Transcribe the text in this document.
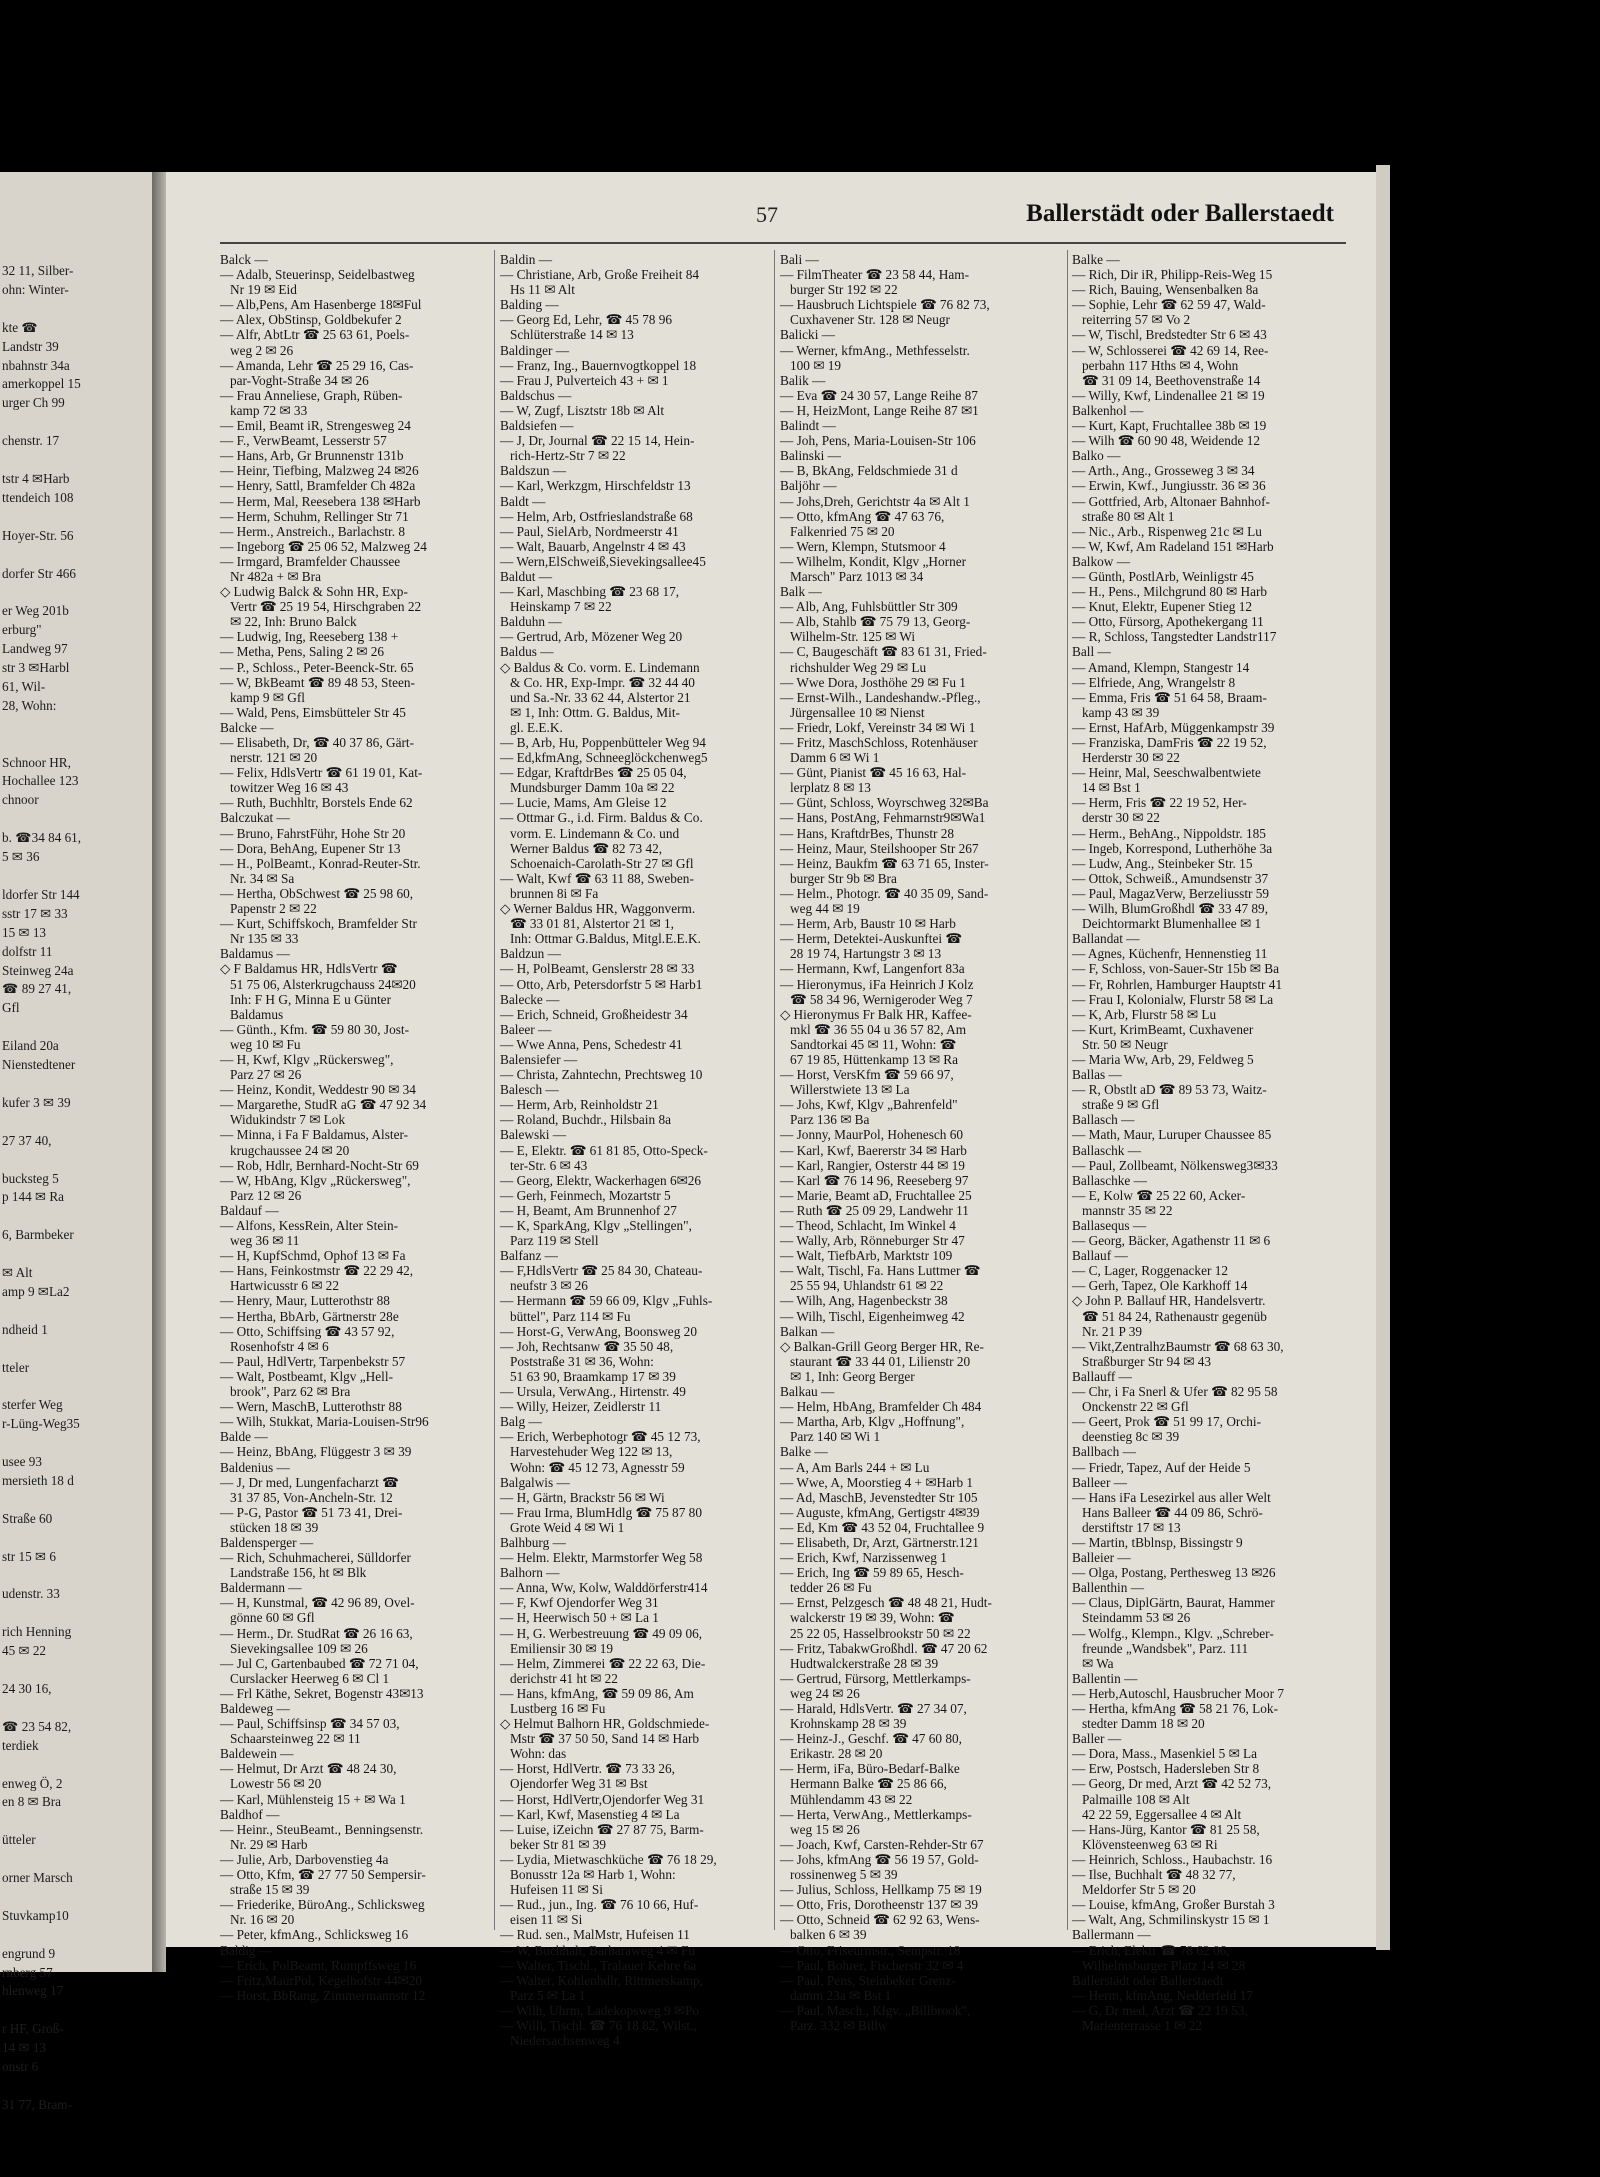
32 11, Silber-
ohn: Winter-

kte ☎
Landstr 39
nbahnstr 34a
amerkoppel 15
urger Ch 99

chenstr. 17

tstr 4 ✉Harb
ttendeich 108

Hoyer-Str. 56

dorfer Str 466

er Weg 201b
erburg"
Landweg 97
str 3 ✉Harbl
61, Wil-
28, Wohn:

Schnoor HR,
Hochallee 123
chnoor

b. ☎34 84 61,
5 ✉ 36

ldorfer Str 144
sstr 17 ✉ 33
15 ✉ 13
dolfstr 11
Steinweg 24a
☎ 89 27 41,
Gfl

Eiland 20a
Nienstedtener

kufer 3 ✉ 39

27 37 40,

bucksteg 5
p 144 ✉ Ra

6, Barmbeker

✉ Alt
amp 9 ✉La2

ndheid 1

tteler

sterfer Weg
r-Lüng-Weg35

usee 93
mersieth 18 d

Straße 60

str 15 ✉ 6

udenstr. 33

rich Henning
45 ✉ 22

24 30 16,

☎ 23 54 82,
terdiek

enweg Ö, 2
en 8 ✉ Bra

ütteler

orner Marsch

Stuvkamp10

engrund 9
rnberg 57
hlenweg 17

r HF, Groß-
14 ✉ 13
onstr 6

31 77, Bram-
57	Ballerstädt oder Ballerstaedt
Balck —
— Adalb, Steuerinsp, Seidelbastweg
Nr 19 ✉ Eid
— Alb,Pens, Am Hasenberge 18✉Ful
— Alex, ObStinsp, Goldbekufer 2
— Alfr, AbtLtr ☎ 25 63 61, Poels-
weg 2 ✉ 26
— Amanda, Lehr ☎ 25 29 16, Cas-
par-Voght-Straße 34 ✉ 26
— Frau Anneliese, Graph, Rüben-
kamp 72 ✉ 33
— Emil, Beamt iR, Strengesweg 24
— F., VerwBeamt, Lesserstr 57
— Hans, Arb, Gr Brunnenstr 131b
— Heinr, Tiefbing, Malzweg 24 ✉26
— Henry, Sattl, Bramfelder Ch 482a
— Herm, Mal, Reesebera 138 ✉Harb
— Herm, Schuhm, Rellinger Str 71
— Herm., Anstreich., Barlachstr. 8
— Ingeborg ☎ 25 06 52, Malzweg 24
— Irmgard, Bramfelder Chaussee
Nr 482a + ✉ Bra
◇ Ludwig Balck & Sohn HR, Exp-
Vertr ☎ 25 19 54, Hirschgraben 22
✉ 22, Inh: Bruno Balck
— Ludwig, Ing, Reeseberg 138 +
— Metha, Pens, Saling 2 ✉ 26
— P., Schloss., Peter-Beenck-Str. 65
— W, BkBeamt ☎ 89 48 53, Steen-
kamp 9 ✉ Gfl
— Wald, Pens, Eimsbütteler Str 45
Balcke —
— Elisabeth, Dr, ☎ 40 37 86, Gärt-
nerstr. 121 ✉ 20
— Felix, HdlsVertr ☎ 61 19 01, Kat-
towitzer Weg 16 ✉ 43
— Ruth, Buchhltr, Borstels Ende 62
Balczukat —
— Bruno, FahrstFühr, Hohe Str 20
— Dora, BehAng, Eupener Str 13
— H., PolBeamt., Konrad-Reuter-Str.
Nr. 34 ✉ Sa
— Hertha, ObSchwest ☎ 25 98 60,
Papenstr 2 ✉ 22
— Kurt, Schiffskoch, Bramfelder Str
Nr 135 ✉ 33
Baldamus —
◇ F Baldamus HR, HdlsVertr ☎
51 75 06, Alsterkrugchauss 24✉20
Inh: F H G, Minna E u Günter
Baldamus
— Günth., Kfm. ☎ 59 80 30, Jost-
weg 10 ✉ Fu
— H, Kwf, Klgv „Rückersweg",
Parz 27 ✉ 26
— Heinz, Kondit, Weddestr 90 ✉ 34
— Margarethe, StudR aG ☎ 47 92 34
Widukindstr 7 ✉ Lok
— Minna, i Fa F Baldamus, Alster-
krugchaussee 24 ✉ 20
— Rob, Hdlr, Bernhard-Nocht-Str 69
— W, HbAng, Klgv „Rückersweg",
Parz 12 ✉ 26
Baldauf —
— Alfons, KessRein, Alter Stein-
weg 36 ✉ 11
— H, KupfSchmd, Ophof 13 ✉ Fa
— Hans, Feinkostmstr ☎ 22 29 42,
Hartwicusstr 6 ✉ 22
— Henry, Maur, Lutterothstr 88
— Hertha, BbArb, Gärtnerstr 28e
— Otto, Schiffsing ☎ 43 57 92,
Rosenhofstr 4 ✉ 6
— Paul, HdlVertr, Tarpenbekstr 57
— Walt, Postbeamt, Klgv „Hell-
brook", Parz 62 ✉ Bra
— Wern, MaschB, Lutterothstr 88
— Wilh, Stukkat, Maria-Louisen-Str96
Balde —
— Heinz, BbAng, Flüggestr 3 ✉ 39
Baldenius —
— J, Dr med, Lungenfacharzt ☎
31 37 85, Von-Ancheln-Str. 12
— P-G, Pastor ☎ 51 73 41, Drei-
stücken 18 ✉ 39
Baldensperger —
— Rich, Schuhmacherei, Sülldorfer
Landstraße 156, ht ✉ Blk
Baldermann —
— H, Kunstmal, ☎ 42 96 89, Ovel-
gönne 60 ✉ Gfl
— Herm., Dr. StudRat ☎ 26 16 63,
Sievekingsallee 109 ✉ 26
— Jul C, Gartenbaubed ☎ 72 71 04,
Curslacker Heerweg 6 ✉ Cl 1
— Frl Käthe, Sekret, Bogenstr 43✉13
Baldeweg —
— Paul, Schiffsinsp ☎ 34 57 03,
Schaarsteinweg 22 ✉ 11
Baldewein —
— Helmut, Dr Arzt ☎ 48 24 30,
Lowestr 56 ✉ 20
— Karl, Mühlensteig 15 + ✉ Wa 1
Baldhof —
— Heinr., SteuBeamt., Benningsenstr.
Nr. 29 ✉ Harb
— Julie, Arb, Darbovenstieg 4a
— Otto, Kfm, ☎ 27 77 50 Sempersir-
straße 15 ✉ 39
— Friederike, BüroAng., Schlicksweg
Nr. 16 ✉ 20
— Peter, kfmAng., Schlicksweg 16
Baldig —
— Erich, PolBeamt, Rumpffsweg 16
— Fritz,MaurPol, Kegelhofstr 44✉20
— Horst, BbRang, Zimmermannstr 12
Baldin —
— Christiane, Arb, Große Freiheit 84
Hs 11 ✉ Alt
Balding —
— Georg Ed, Lehr, ☎ 45 78 96
Schlüterstraße 14 ✉ 13
Baldinger —
— Franz, Ing., Bauernvogtkoppel 18
— Frau J, Pulverteich 43 + ✉ 1
Baldschus —
— W, Zugf, Lisztstr 18b ✉ Alt
Baldsiefen —
— J, Dr, Journal ☎ 22 15 14, Hein-
rich-Hertz-Str 7 ✉ 22
Baldszun —
— Karl, Werkzgm, Hirschfeldstr 13
Baldt —
— Helm, Arb, Ostfrieslandstraße 68
— Paul, SielArb, Nordmeerstr 41
— Walt, Bauarb, Angelnstr 4 ✉ 43
— Wern,ElSchweiß,Sievekingsallee45
Baldut —
— Karl, Maschbing ☎ 23 68 17,
Heinskamp 7 ✉ 22
Balduhn —
— Gertrud, Arb, Mözener Weg 20
Baldus —
◇ Baldus & Co. vorm. E. Lindemann
& Co. HR, Exp-Impr. ☎ 32 44 40
und Sa.-Nr. 33 62 44, Alstertor 21
✉ 1, Inh: Ottm. G. Baldus, Mit-
gl. E.E.K.
— B, Arb, Hu, Poppenbütteler Weg 94
— Ed,kfmAng, Schneeglöckchenweg5
— Edgar, KraftdrBes ☎ 25 05 04,
Mundsburger Damm 10a ✉ 22
— Lucie, Mams, Am Gleise 12
— Ottmar G., i.d. Firm. Baldus & Co.
vorm. E. Lindemann & Co. und
Werner Baldus ☎ 82 73 42,
Schoenaich-Carolath-Str 27 ✉ Gfl
— Walt, Kwf ☎ 63 11 88, Sweben-
brunnen 8i ✉ Fa
◇ Werner Baldus HR, Waggonverm.
☎ 33 01 81, Alstertor 21 ✉ 1,
Inh: Ottmar G.Baldus, Mitgl.E.E.K.
Baldzun —
— H, PolBeamt, Genslerstr 28 ✉ 33
— Otto, Arb, Petersdorfstr 5 ✉ Harb1
Balecke —
— Erich, Schneid, Großheidestr 34
Baleer —
— Wwe Anna, Pens, Schedestr 41
Balensiefer —
— Christa, Zahntechn, Prechtsweg 10
Balesch —
— Herm, Arb, Reinholdstr 21
— Roland, Buchdr., Hilsbain 8a
Balewski —
— E, Elektr. ☎ 61 81 85, Otto-Speck-
ter-Str. 6 ✉ 43
— Georg, Elektr, Wackerhagen 6✉26
— Gerh, Feinmech, Mozartstr 5
— H, Beamt, Am Brunnenhof 27
— K, SparkAng, Klgv „Stellingen",
Parz 119 ✉ Stell
Balfanz —
— F,HdlsVertr ☎ 25 84 30, Chateau-
neufstr 3 ✉ 26
— Hermann ☎ 59 66 09, Klgv „Fuhls-
büttel", Parz 114 ✉ Fu
— Horst-G, VerwAng, Boonsweg 20
— Joh, Rechtsanw ☎ 35 50 48,
Poststraße 31 ✉ 36, Wohn:
51 63 90, Braamkamp 17 ✉ 39
— Ursula, VerwAng., Hirtenstr. 49
— Willy, Heizer, Zeidlerstr 11
Balg —
— Erich, Werbephotogr ☎ 45 12 73,
Harvestehuder Weg 122 ✉ 13,
Wohn: ☎ 45 12 73, Agnesstr 59
Balgalwis —
— H, Gärtn, Brackstr 56 ✉ Wi
— Frau Irma, BlumHdlg ☎ 75 87 80
Grote Weid 4 ✉ Wi 1
Balhburg —
— Helm. Elektr, Marmstorfer Weg 58
Balhorn —
— Anna, Ww, Kolw, Walddörferstr414
— F, Kwf Ojendorfer Weg 31
— H, Heerwisch 50 + ✉ La 1
— H, G. Werbestreuung ☎ 49 09 06,
Emiliensir 30 ✉ 19
— Helm, Zimmerei ☎ 22 22 63, Die-
derichstr 41 ht ✉ 22
— Hans, kfmAng, ☎ 59 09 86, Am
Lustberg 16 ✉ Fu
◇ Helmut Balhorn HR, Goldschmiede-
Mstr ☎ 37 50 50, Sand 14 ✉ Harb
Wohn: das
— Horst, HdlVertr. ☎ 73 33 26,
Ojendorfer Weg 31 ✉ Bst
— Horst, HdlVertr,Ojendorfer Weg 31
— Karl, Kwf, Masenstieg 4 ✉ La
— Luise, iZeichn ☎ 27 87 75, Barm-
beker Str 81 ✉ 39
— Lydia, Mietwaschküche ☎ 76 18 29,
Bonusstr 12a ✉ Harb 1, Wohn:
Hufeisen 11 ✉ Si
— Rud., jun., Ing. ☎ 76 10 66, Huf-
eisen 11 ✉ Si
— Rud. sen., MalMstr, Hufeisen 11
— W, Buchhalt, Barbaraweg 4 ✉ Fu
— Walter, Tischl., Tralauer Kehre 6a
— Walter, Kohlenhdlr, Rittmerskamp,
Parz 5 ✉ La 1
— Wilh, Uhrm, Ladekopsweg 9 ✉Po
— Willi, Tischl. ☎ 76 18 82, Wilst.,
Niedersachsenweg 4
Bali —
— FilmTheater ☎ 23 58 44, Ham-
burger Str 192 ✉ 22
— Hausbruch Lichtspiele ☎ 76 82 73,
Cuxhavener Str. 128 ✉ Neugr
Balicki —
— Werner, kfmAng., Methfesselstr.
100 ✉ 19
Balik —
— Eva ☎ 24 30 57, Lange Reihe 87
— H, HeizMont, Lange Reihe 87 ✉1
Balindt —
— Joh, Pens, Maria-Louisen-Str 106
Balinski —
— B, BkAng, Feldschmiede 31 d
Baljöhr —
— Johs,Dreh, Gerichtstr 4a ✉ Alt 1
— Otto, kfmAng ☎ 47 63 76,
Falkenried 75 ✉ 20
— Wern, Klempn, Stutsmoor 4
— Wilhelm, Kondit, Klgv „Horner
Marsch" Parz 1013 ✉ 34
Balk —
— Alb, Ang, Fuhlsbüttler Str 309
— Alb, Stahlb ☎ 75 79 13, Georg-
Wilhelm-Str. 125 ✉ Wi
— C, Baugeschäft ☎ 83 61 31, Fried-
richshulder Weg 29 ✉ Lu
— Wwe Dora, Josthöhe 29 ✉ Fu 1
— Ernst-Wilh., Landeshandw.-Pfleg.,
Jürgensallee 10 ✉ Nienst
— Friedr, Lokf, Vereinstr 34 ✉ Wi 1
— Fritz, MaschSchloss, Rotenhäuser
Damm 6 ✉ Wi 1
— Günt, Pianist ☎ 45 16 63, Hal-
lerplatz 8 ✉ 13
— Günt, Schloss, Woyrschweg 32✉Ba
— Hans, PostAng, Fehmarnstr9✉Wa1
— Hans, KraftdrBes, Thunstr 28
— Heinz, Maur, Steilshooper Str 267
— Heinz, Baukfm ☎ 63 71 65, Inster-
burger Str 9b ✉ Bra
— Helm., Photogr. ☎ 40 35 09, Sand-
weg 44 ✉ 19
— Herm, Arb, Baustr 10 ✉ Harb
— Herm, Detektei-Auskunftei ☎
28 19 74, Hartungstr 3 ✉ 13
— Hermann, Kwf, Langenfort 83a
— Hieronymus, iFa Heinrich J Kolz
☎ 58 34 96, Wernigeroder Weg 7
◇ Hieronymus Fr Balk HR, Kaffee-
mkl ☎ 36 55 04 u 36 57 82, Am
Sandtorkai 45 ✉ 11, Wohn: ☎
67 19 85, Hüttenkamp 13 ✉ Ra
— Horst, VersKfm ☎ 59 66 97,
Willerstwiete 13 ✉ La
— Johs, Kwf, Klgv „Bahrenfeld"
Parz 136 ✉ Ba
— Jonny, MaurPol, Hohenesch 60
— Karl, Kwf, Baererstr 34 ✉ Harb
— Karl, Rangier, Osterstr 44 ✉ 19
— Karl ☎ 76 14 96, Reeseberg 97
— Marie, Beamt aD, Fruchtallee 25
— Ruth ☎ 25 09 29, Landwehr 11
— Theod, Schlacht, Im Winkel 4
— Wally, Arb, Rönneburger Str 47
— Walt, TiefbArb, Marktstr 109
— Walt, Tischl, Fa. Hans Luttmer ☎
25 55 94, Uhlandstr 61 ✉ 22
— Wilh, Ang, Hagenbeckstr 38
— Wilh, Tischl, Eigenheimweg 42
Balkan —
◇ Balkan-Grill Georg Berger HR, Re-
staurant ☎ 33 44 01, Lilienstr 20
✉ 1, Inh: Georg Berger
Balkau —
— Helm, HbAng, Bramfelder Ch 484
— Martha, Arb, Klgv „Hoffnung",
Parz 140 ✉ Wi 1
Balke —
— A, Am Barls 244 + ✉ Lu
— Wwe, A, Moorstieg 4 + ✉Harb 1
— Ad, MaschB, Jevenstedter Str 105
— Auguste, kfmAng, Gertigstr 4✉39
— Ed, Km ☎ 43 52 04, Fruchtallee 9
— Elisabeth, Dr, Arzt, Gärtnerstr.121
— Erich, Kwf, Narzissenweg 1
— Erich, Ing ☎ 59 89 65, Hesch-
tedder 26 ✉ Fu
— Ernst, Pelzgesch ☎ 48 48 21, Hudt-
walckerstr 19 ✉ 39, Wohn: ☎
25 22 05, Hasselbrookstr 50 ✉ 22
— Fritz, TabakwGroßhdl. ☎ 47 20 62
Hudtwalckerstraße 28 ✉ 39
— Gertrud, Fürsorg, Mettlerkamps-
weg 24 ✉ 26
— Harald, HdlsVertr. ☎ 27 34 07,
Krohnskamp 28 ✉ 39
— Heinz-J., Geschf. ☎ 47 60 80,
Erikastr. 28 ✉ 20
— Herm, iFa, Büro-Bedarf-Balke
Hermann Balke ☎ 25 86 66,
Mühlendamm 43 ✉ 22
— Herta, VerwAng., Mettlerkamps-
weg 15 ✉ 26
— Joach, Kwf, Carsten-Rehder-Str 67
— Johs, kfmAng ☎ 56 19 57, Gold-
rossinenweg 5 ✉ 39
— Julius, Schloss, Hellkamp 75 ✉ 19
— Otto, Fris, Dorotheenstr 137 ✉ 39
— Otto, Schneid ☎ 62 92 63, Wens-
balken 6 ✉ 39
— Otto, Friseurmstr., Sempstr. 18
— Paul, Bohrer, Fischerstr 32 ✉ 4
— Paul, Pens, Steinbeker Grenz-
damm 23a ✉ Bst 1
— Paul, Masch., Klgv. „Billbrook",
Parz. 332 ✉ Billw
Balke —
— Rich, Dir iR, Philipp-Reis-Weg 15
— Rich, Bauing, Wensenbalken 8a
— Sophie, Lehr ☎ 62 59 47, Wald-
reiterring 57 ✉ Vo 2
— W, Tischl, Bredstedter Str 6 ✉ 43
— W, Schlosserei ☎ 42 69 14, Ree-
perbahn 117 Hths ✉ 4, Wohn
☎ 31 09 14, Beethovenstraße 14
— Willy, Kwf, Lindenallee 21 ✉ 19
Balkenhol —
— Kurt, Kapt, Fruchtallee 38b ✉ 19
— Wilh ☎ 60 90 48, Weidende 12
Balko —
— Arth., Ang., Grosseweg 3 ✉ 34
— Erwin, Kwf., Jungiusstr. 36 ✉ 36
— Gottfried, Arb, Altonaer Bahnhof-
straße 80 ✉ Alt 1
— Nic., Arb., Rispenweg 21c ✉ Lu
— W, Kwf, Am Radeland 151 ✉Harb
Balkow —
— Günth, PostlArb, Weinligstr 45
— H., Pens., Milchgrund 80 ✉ Harb
— Knut, Elektr, Eupener Stieg 12
— Otto, Fürsorg, Apothekergang 11
— R, Schloss, Tangstedter Landstr117
Ball —
— Amand, Klempn, Stangestr 14
— Elfriede, Ang, Wrangelstr 8
— Emma, Fris ☎ 51 64 58, Braam-
kamp 43 ✉ 39
— Ernst, HafArb, Müggenkampstr 39
— Franziska, DamFris ☎ 22 19 52,
Herderstr 30 ✉ 22
— Heinr, Mal, Seeschwalbentwiete
14 ✉ Bst 1
— Herm, Fris ☎ 22 19 52, Her-
derstr 30 ✉ 22
— Herm., BehAng., Nippoldstr. 185
— Ingeb, Korrespond, Lutherhöhe 3a
— Ludw, Ang., Steinbeker Str. 15
— Ottok, Schweiß., Amundsenstr 37
— Paul, MagazVerw, Berzeliusstr 59
— Wilh, BlumGroßhdl ☎ 33 47 89,
Deichtormarkt Blumenhallee ✉ 1
Ballandat —
— Agnes, Küchenfr, Hennenstieg 11
— F, Schloss, von-Sauer-Str 15b ✉ Ba
— Fr, Rohrlen, Hamburger Hauptstr 41
— Frau I, Kolonialw, Flurstr 58 ✉ La
— K, Arb, Flurstr 58 ✉ Lu
— Kurt, KrimBeamt, Cuxhavener
Str. 50 ✉ Neugr
— Maria Ww, Arb, 29, Feldweg 5
Ballas —
— R, Obstlt aD ☎ 89 53 73, Waitz-
straße 9 ✉ Gfl
Ballasch —
— Math, Maur, Luruper Chaussee 85
Ballaschk —
— Paul, Zollbeamt, Nölkensweg3✉33
Ballaschke —
— E, Kolw ☎ 25 22 60, Acker-
mannstr 35 ✉ 22
Ballasequs —
— Georg, Bäcker, Agathenstr 11 ✉ 6
Ballauf —
— C, Lager, Roggenacker 12
— Gerh, Tapez, Ole Karkhoff 14
◇ John P. Ballauf HR, Handelsvertr.
☎ 51 84 24, Rathenaustr gegenüb
Nr. 21 P 39
— Vikt,ZentralhzBaumstr ☎ 68 63 30,
Straßburger Str 94 ✉ 43
Ballauff —
— Chr, i Fa Snerl & Ufer ☎ 82 95 58
Onckenstr 22 ✉ Gfl
— Geert, Prok ☎ 51 99 17, Orchi-
deenstieg 8c ✉ 39
Ballbach —
— Friedr, Tapez, Auf der Heide 5
Balleer —
— Hans iFa Lesezirkel aus aller Welt
Hans Balleer ☎ 44 09 86, Schrö-
derstiftstr 17 ✉ 13
— Martin, tBblnsp, Bissingstr 9
Balleier —
— Olga, Postang, Perthesweg 13 ✉26
Ballenthin —
— Claus, DiplGärtn, Baurat, Hammer
Steindamm 53 ✉ 26
— Wolfg., Klempn., Klgv. „Schreber-
freunde „Wandsbek", Parz. 111
✉ Wa
Ballentin —
— Herb,Autoschl, Hausbrucher Moor 7
— Hertha, kfmAng ☎ 58 21 76, Lok-
stedter Damm 18 ✉ 20
Baller —
— Dora, Mass., Masenkiel 5 ✉ La
— Erw, Postsch, Hadersleben Str 8
— Georg, Dr med, Arzt ☎ 42 52 73,
Palmaille 108 ✉ Alt
42 22 59, Eggersallee 4 ✉ Alt
— Hans-Jürg, Kantor ☎ 81 25 58,
Klövensteenweg 63 ✉ Ri
— Heinrich, Schloss., Haubachstr. 16
— Ilse, Buchhalt ☎ 48 32 77,
Meldorfer Str 5 ✉ 20
— Louise, kfmAng, Großer Burstah 3
— Walt, Ang, Schmilinskystr 15 ✉ 1
Ballermann —
— Erich, Elektr ☎ 78 62 06,
Wilhelmsburger Platz 14 ✉ 28
Ballerstädt oder Ballerstaedt
— Herm, kfmAng, Nedderfeld 17
— G, Dr med, Arzt ☎ 22 19 53,
Marienterrasse 1 ✉ 22
